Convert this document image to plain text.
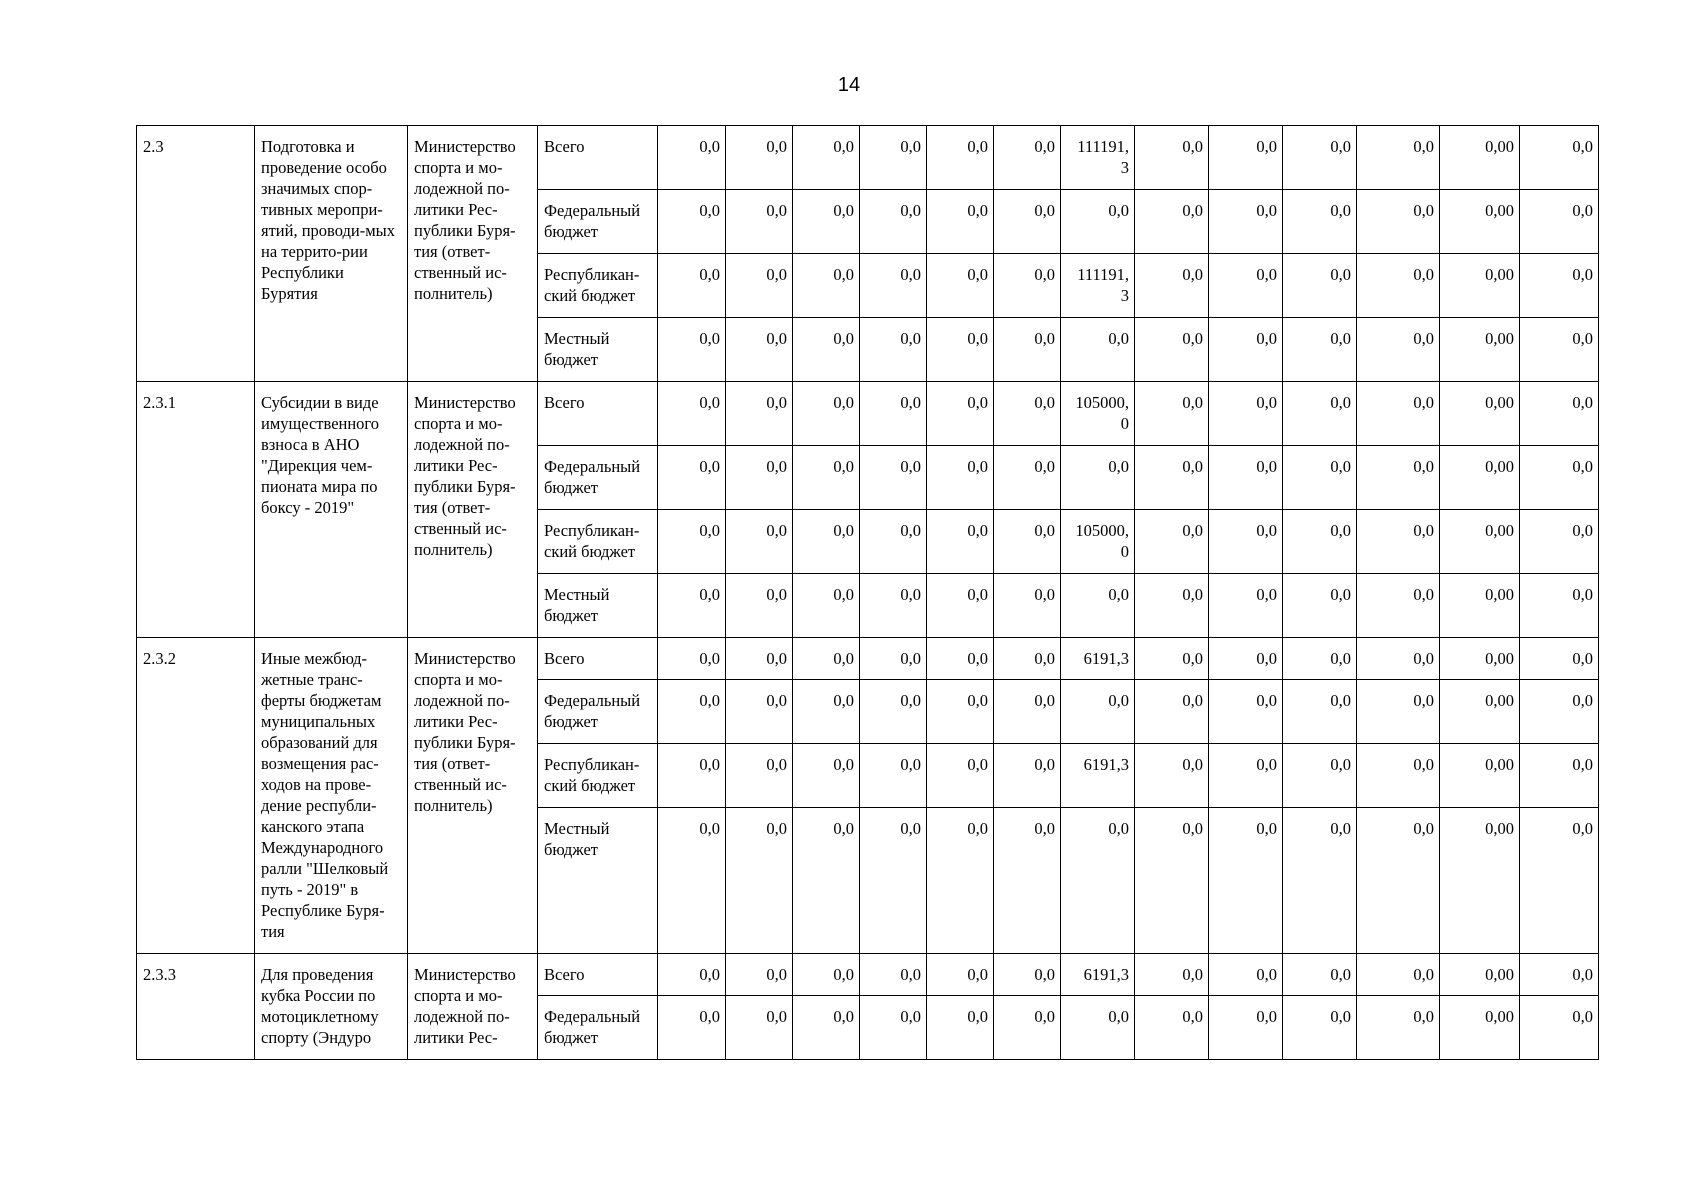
14
2.3	Подготовка и проведение особо значимых спор-тивных меропри-ятий, проводи-мых на террито-рии Республики Бурятия	Министерство спорта и мо-лодежной по-литики Рес-публики Буря-тия (ответ-ственный ис-полнитель)	Всего	0,0	0,0	0,0	0,0	0,0	0,0	111191, 3	0,0	0,0	0,0	0,0	0,00	0,0
			Федеральный бюджет	0,0	0,0	0,0	0,0	0,0	0,0	0,0	0,0	0,0	0,0	0,0	0,00	0,0
			Республикан-ский бюджет	0,0	0,0	0,0	0,0	0,0	0,0	111191, 3	0,0	0,0	0,0	0,0	0,00	0,0
			Местный бюджет	0,0	0,0	0,0	0,0	0,0	0,0	0,0	0,0	0,0	0,0	0,0	0,00	0,0
2.3.1	Субсидии в виде имущественного взноса в АНО "Дирекция чем-пионата мира по боксу - 2019"	Министерство спорта и мо-лодежной по-литики Рес-публики Буря-тия (ответ-ственный ис-полнитель)	Всего	0,0	0,0	0,0	0,0	0,0	0,0	105000, 0	0,0	0,0	0,0	0,0	0,00	0,0
			Федеральный бюджет	0,0	0,0	0,0	0,0	0,0	0,0	0,0	0,0	0,0	0,0	0,0	0,00	0,0
			Республикан-ский бюджет	0,0	0,0	0,0	0,0	0,0	0,0	105000, 0	0,0	0,0	0,0	0,0	0,00	0,0
			Местный бюджет	0,0	0,0	0,0	0,0	0,0	0,0	0,0	0,0	0,0	0,0	0,0	0,00	0,0
2.3.2	Иные межбюд-жетные транс-ферты бюджетам муниципальных образований для возмещения рас-ходов на прове-дение республи-канского этапа Международного ралли "Шелковый путь - 2019" в Республике Буря-тия	Министерство спорта и мо-лодежной по-литики Рес-публики Буря-тия (ответ-ственный ис-полнитель)	Всего	0,0	0,0	0,0	0,0	0,0	0,0	6191,3	0,0	0,0	0,0	0,0	0,00	0,0
			Федеральный бюджет	0,0	0,0	0,0	0,0	0,0	0,0	0,0	0,0	0,0	0,0	0,0	0,00	0,0
			Республикан-ский бюджет	0,0	0,0	0,0	0,0	0,0	0,0	6191,3	0,0	0,0	0,0	0,0	0,00	0,0
			Местный бюджет	0,0	0,0	0,0	0,0	0,0	0,0	0,0	0,0	0,0	0,0	0,0	0,00	0,0
2.3.3	Для проведения кубка России по мотоциклетному спорту (Эндуро	Министерство спорта и мо-лодежной по-литики Рес-	Всего	0,0	0,0	0,0	0,0	0,0	0,0	6191,3	0,0	0,0	0,0	0,0	0,00	0,0
			Федеральный бюджет	0,0	0,0	0,0	0,0	0,0	0,0	0,0	0,0	0,0	0,0	0,0	0,00	0,0
